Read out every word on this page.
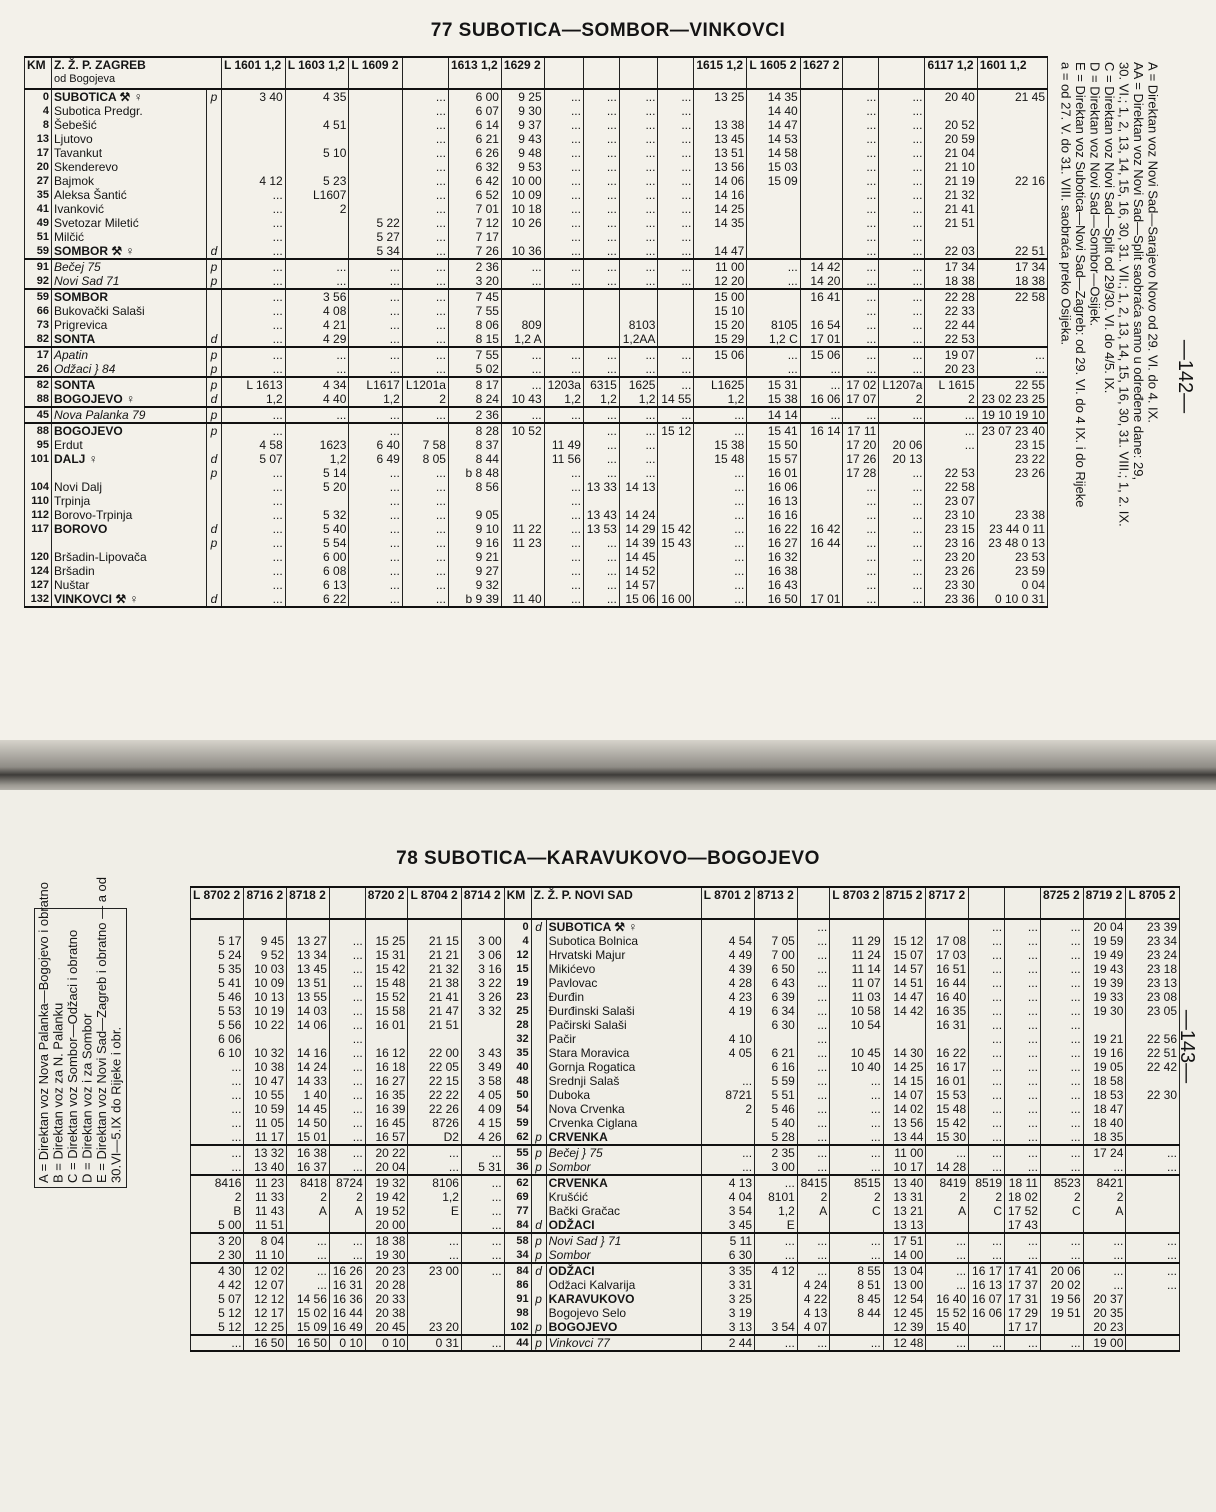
77 SUBOTICA—SOMBOR—VINKOVCI
—142—
A = Direktan voz Novi Sad—Sarajevo Novo od 29. VI. do 4. IX.
AA = Direktan voz Novi Sad—Split saobraća samo u određene dane: 29,
30. VI.; 1, 2, 13, 14, 15, 16, 30, 31. VII.; 1, 2, 13, 14, 15, 16, 30, 31. VIII.; 1, 2. IX.
C = Direktan voz Novi Sad—Split od 29/30. VI. do 4/5. IX.
D = Direktan voz Novi Sad—Sombor—Osijek.
E = Direktan voz Subotica—Novi Sad—Zagreb: od 29. VI. do 4 IX. i do Rijeke
a = od 27. V. do 31. VIII. saobraća preko Osijeka.
KM	Z. Ž. P. ZAGREB
od Bogojeva		L 1601 1,2	L 1603 1,2	L 1609 2		1613 1,2	1629 2					1615 1,2	L 1605 2	1627 2			6117 1,2	1601 1,2
0	SUBOTICA ⚒ ♀	p	3 40	4 35		...	6 00	9 25	...	...	...	...	13 25	14 35		...	...	20 40	21 45
4	Subotica Predgr.					...	6 07	9 30	...	...	...	...		14 40		...	...		
8	Šebešić			4 51		...	6 14	9 37	...	...	...	...	13 38	14 47		...	...	20 52	
13	Ljutovo					...	6 21	9 43	...	...	...	...	13 45	14 53		...	...	20 59	
17	Tavankut			5 10		...	6 26	9 48	...	...	...	...	13 51	14 58		...	...	21 04	
20	Skenderevo					...	6 32	9 53	...	...	...	...	13 56	15 03		...	...	21 10	
27	Bajmok		4 12	5 23		...	6 42	10 00	...	...	...	...	14 06	15 09		...	...	21 19	22 16
35	Aleksa Šantić		...	L1607		...	6 52	10 09	...	...	...	...	14 16			...	...	21 32	
41	Ivanković		...	2		...	7 01	10 18	...	...	...	...	14 25			...	...	21 41	
49	Svetozar Miletić		...		5 22	...	7 12	10 26	...	...	...	...	14 35			...	...	21 51	
51	Milčić		...		5 27	...	7 17		...	...	...	...				...	...		
59	SOMBOR ⚒ ♀	d	...		5 34	...	7 26	10 36	...	...	...	...	14 47			...	...	22 03	22 51
91	Bečej 75	p	...	...	...	...	2 36	...	...	...	...	...	11 00	...	14 42	...	...	17 34	17 34
92	Novi Sad 71	p	...	...	...	...	3 20	...	...	...	...	...	12 20	...	14 20	...	...	18 38	18 38
59	SOMBOR		...	3 56	...	...	7 45						15 00		16 41	...	...	22 28	22 58
66	Bukovački Salaši		...	4 08	...	...	7 55						15 10			...	...	22 33	
73	Prigrevica		...	4 21	...	...	8 06	809			8103		15 20	8105	16 54	...	...	22 44	
82	SONTA	d	...	4 29	...	...	8 15	1,2 A			1,2AA		15 29	1,2 C	17 01	...	...	22 53	
17	Apatin	p	...	...	...	...	7 55	...	...	...	...	...	15 06	...	15 06	...	...	19 07	...
26	Odžaci } 84	p	...	...	...	...	5 02	...	...	...	...	...		...	...	...	...	20 23	...
82	SONTA	p	L 1613	4 34	L1617	L1201a	8 17	...	1203a	6315	1625	...	L1625	15 31	...	17 02	L1207a	L 1615	22 55
88	BOGOJEVO ♀	d	1,2	4 40	1,2	2	8 24	10 43	1,2	1,2	1,2	14 55	1,2	15 38	16 06	17 07	2	2	23 02 23 25
45	Nova Palanka 79	p	...	...	...	...	2 36	...	...	...	...	...	...	14 14	...	...	...	...	19 10 19 10
88	BOGOJEVO	p	...		...		8 28	10 52		...	...	15 12	...	15 41	16 14	17 11		...	23 07 23 40
95	Erdut		4 58	1623	6 40	7 58	8 37		11 49	...	...		15 38	15 50		17 20	20 06	...	23 15
101	DALJ ♀	d	5 07	1,2	6 49	8 05	8 44		11 56	...	...		15 48	15 57		17 26	20 13		23 22
		p	...	5 14	...	...	b 8 48		...	...	...		...	16 01		17 28	...	22 53	23 26
104	Novi Dalj		...	5 20	...	...	8 56		...	13 33	14 13		...	16 06		...	...	22 58	
110	Trpinja		...		...	...			...				...	16 13		...	...	23 07	
112	Borovo-Trpinja		...	5 32	...	...	9 05		...	13 43	14 24		...	16 16		...	...	23 10	23 38
117	BOROVO	d	...	5 40	...	...	9 10	11 22	...	13 53	14 29	15 42	...	16 22	16 42	...	...	23 15	23 44 0 11
		p	...	5 54	...	...	9 16	11 23	...	...	14 39	15 43	...	16 27	16 44	...	...	23 16	23 48 0 13
120	Bršadin-Lipovača		...	6 00	...	...	9 21		...	...	14 45		...	16 32		...	...	23 20	23 53
124	Bršadin		...	6 08	...	...	9 27		...	...	14 52		...	16 38		...	...	23 26	23 59
127	Nuštar		...	6 13	...	...	9 32		...	...	14 57		...	16 43		...	...	23 30	0 04
132	VINKOVCI ⚒ ♀	d	...	6 22	...	...	b 9 39	11 40	...	...	15 06	16 00	...	16 50	17 01	...	...	23 36	0 10 0 31
78 SUBOTICA—KARAVUKOVO—BOGOJEVO
—143—
A = Direktan voz Nova Palanka—Bogojevo i obratno B = Direktan voz za N. Palanku C = Direktan voz Sombor—Odžaci i obratno D = Direktan voz i za Sombor E = Direktan voz Novi Sad—Zagreb i obratno — a od 30.VI—5.IX do Rijeke i obr.
L 8702 2	8716 2	8718 2		8720 2	L 8704 2	8714 2	KM	Z. Ž. P. NOVI SAD		L 8701 2	8713 2		L 8703 2	8715 2	8717 2			8725 2	8719 2	L 8705 2
							0	d	SUBOTICA ⚒ ♀			...				...	...	...	20 04	23 39
5 17	9 45	13 27	...	15 25	21 15	3 00	4		Subotica Bolnica	4 54	7 05	...	11 29	15 12	17 08	...	...	...	19 59	23 34
5 24	9 52	13 34	...	15 31	21 21	3 06	12		Hrvatski Majur	4 49	7 00	...	11 24	15 07	17 03	...	...	...	19 49	23 24
5 35	10 03	13 45	...	15 42	21 32	3 16	15		Mikićevo	4 39	6 50	...	11 14	14 57	16 51	...	...	...	19 43	23 18
5 41	10 09	13 51	...	15 48	21 38	3 22	19		Pavlovac	4 28	6 43	...	11 07	14 51	16 44	...	...	...	19 39	23 13
5 46	10 13	13 55	...	15 52	21 41	3 26	23		Đurđin	4 23	6 39	...	11 03	14 47	16 40	...	...	...	19 33	23 08
5 53	10 19	14 03	...	15 58	21 47	3 32	25		Đurđinski Salaši	4 19	6 34	...	10 58	14 42	16 35	...	...	...	19 30	23 05
5 56	10 22	14 06	...	16 01	21 51		28		Pačirski Salaši		6 30	...	10 54		16 31	...	...	...		
6 06			...				32		Pačir	4 10		...				...	...	...	19 21	22 56
6 10	10 32	14 16	...	16 12	22 00	3 43	35		Stara Moravica	4 05	6 21	...	10 45	14 30	16 22	...	...	...	19 16	22 51
...	10 38	14 24	...	16 18	22 05	3 49	40		Gornja Rogatica		6 16	...	10 40	14 25	16 17	...	...	...	19 05	22 42
...	10 47	14 33	...	16 27	22 15	3 58	48		Srednji Salaš	...	5 59	...	...	14 15	16 01	...	...	...	18 58	
...	10 55	1 40	...	16 35	22 22	4 05	50		Duboka	8721	5 51	...	...	14 07	15 53	...	...	...	18 53	22 30
...	10 59	14 45	...	16 39	22 26	4 09	54		Nova Crvenka	2	5 46	...	...	14 02	15 48	...	...	...	18 47	
...	11 05	14 50	...	16 45	8726	4 15	59		Crvenka Ciglana		5 40	...	...	13 56	15 42	...	...	...	18 40	
...	11 17	15 01	...	16 57	D2	4 26	62	p	CRVENKA		5 28	...	...	13 44	15 30	...	...	...	18 35	
...	13 32	16 38	...	20 22	...	...	55	p	Bečej } 75	...	2 35	...	...	11 00	...	...	...	...	17 24	...
...	13 40	16 37	...	20 04	...	5 31	36	p	Sombor	...	3 00	...	...	10 17	14 28	...	...	...	...	...
8416	11 23	8418	8724	19 32	8106	...	62		CRVENKA	4 13	...	8415	8515	13 40	8419	8519	18 11	8523	8421	
2	11 33	2	2	19 42	1,2	...	69		Krušćić	4 04	8101	2	2	13 31	2	2	18 02	2	2	
B	11 43	A	A	19 52	E	...	77		Bački Gračac	3 54	1,2	A	C	13 21	A	C	17 52	C	A	
5 00	11 51			20 00		...	84	d	ODŽACI	3 45	E			13 13			17 43			
3 20	8 04	...	...	18 38	...	...	58	p	Novi Sad } 71	5 11	...	...	...	17 51	...	...	...	...	...	...
2 30	11 10	...	...	19 30	...	...	34	p	Sombor	6 30	...	...	...	14 00	...	...	...	...	...	...
4 30	12 02	...	16 26	20 23	23 00	...	84	d	ODŽACI	3 35	4 12	...	8 55	13 04	...	16 17	17 41	20 06	...	...
4 42	12 07	...	16 31	20 28			86		Odžaci Kalvarija	3 31		4 24	8 51	13 00	...	16 13	17 37	20 02	...	...
5 07	12 12	14 56	16 36	20 33			91	p	KARAVUKOVO	3 25		4 22	8 45	12 54	16 40	16 07	17 31	19 56	20 37	
5 12	12 17	15 02	16 44	20 38			98		Bogojevo Selo	3 19		4 13	8 44	12 45	15 52	16 06	17 29	19 51	20 35	
5 12	12 25	15 09	16 49	20 45	23 20		102	p	BOGOJEVO	3 13	3 54	4 07		12 39	15 40		17 17		20 23	
...	16 50	16 50	0 10	0 10	0 31	...	44	p	Vinkovci 77	2 44	...	...	...	12 48	...	...	...	...	19 00	
